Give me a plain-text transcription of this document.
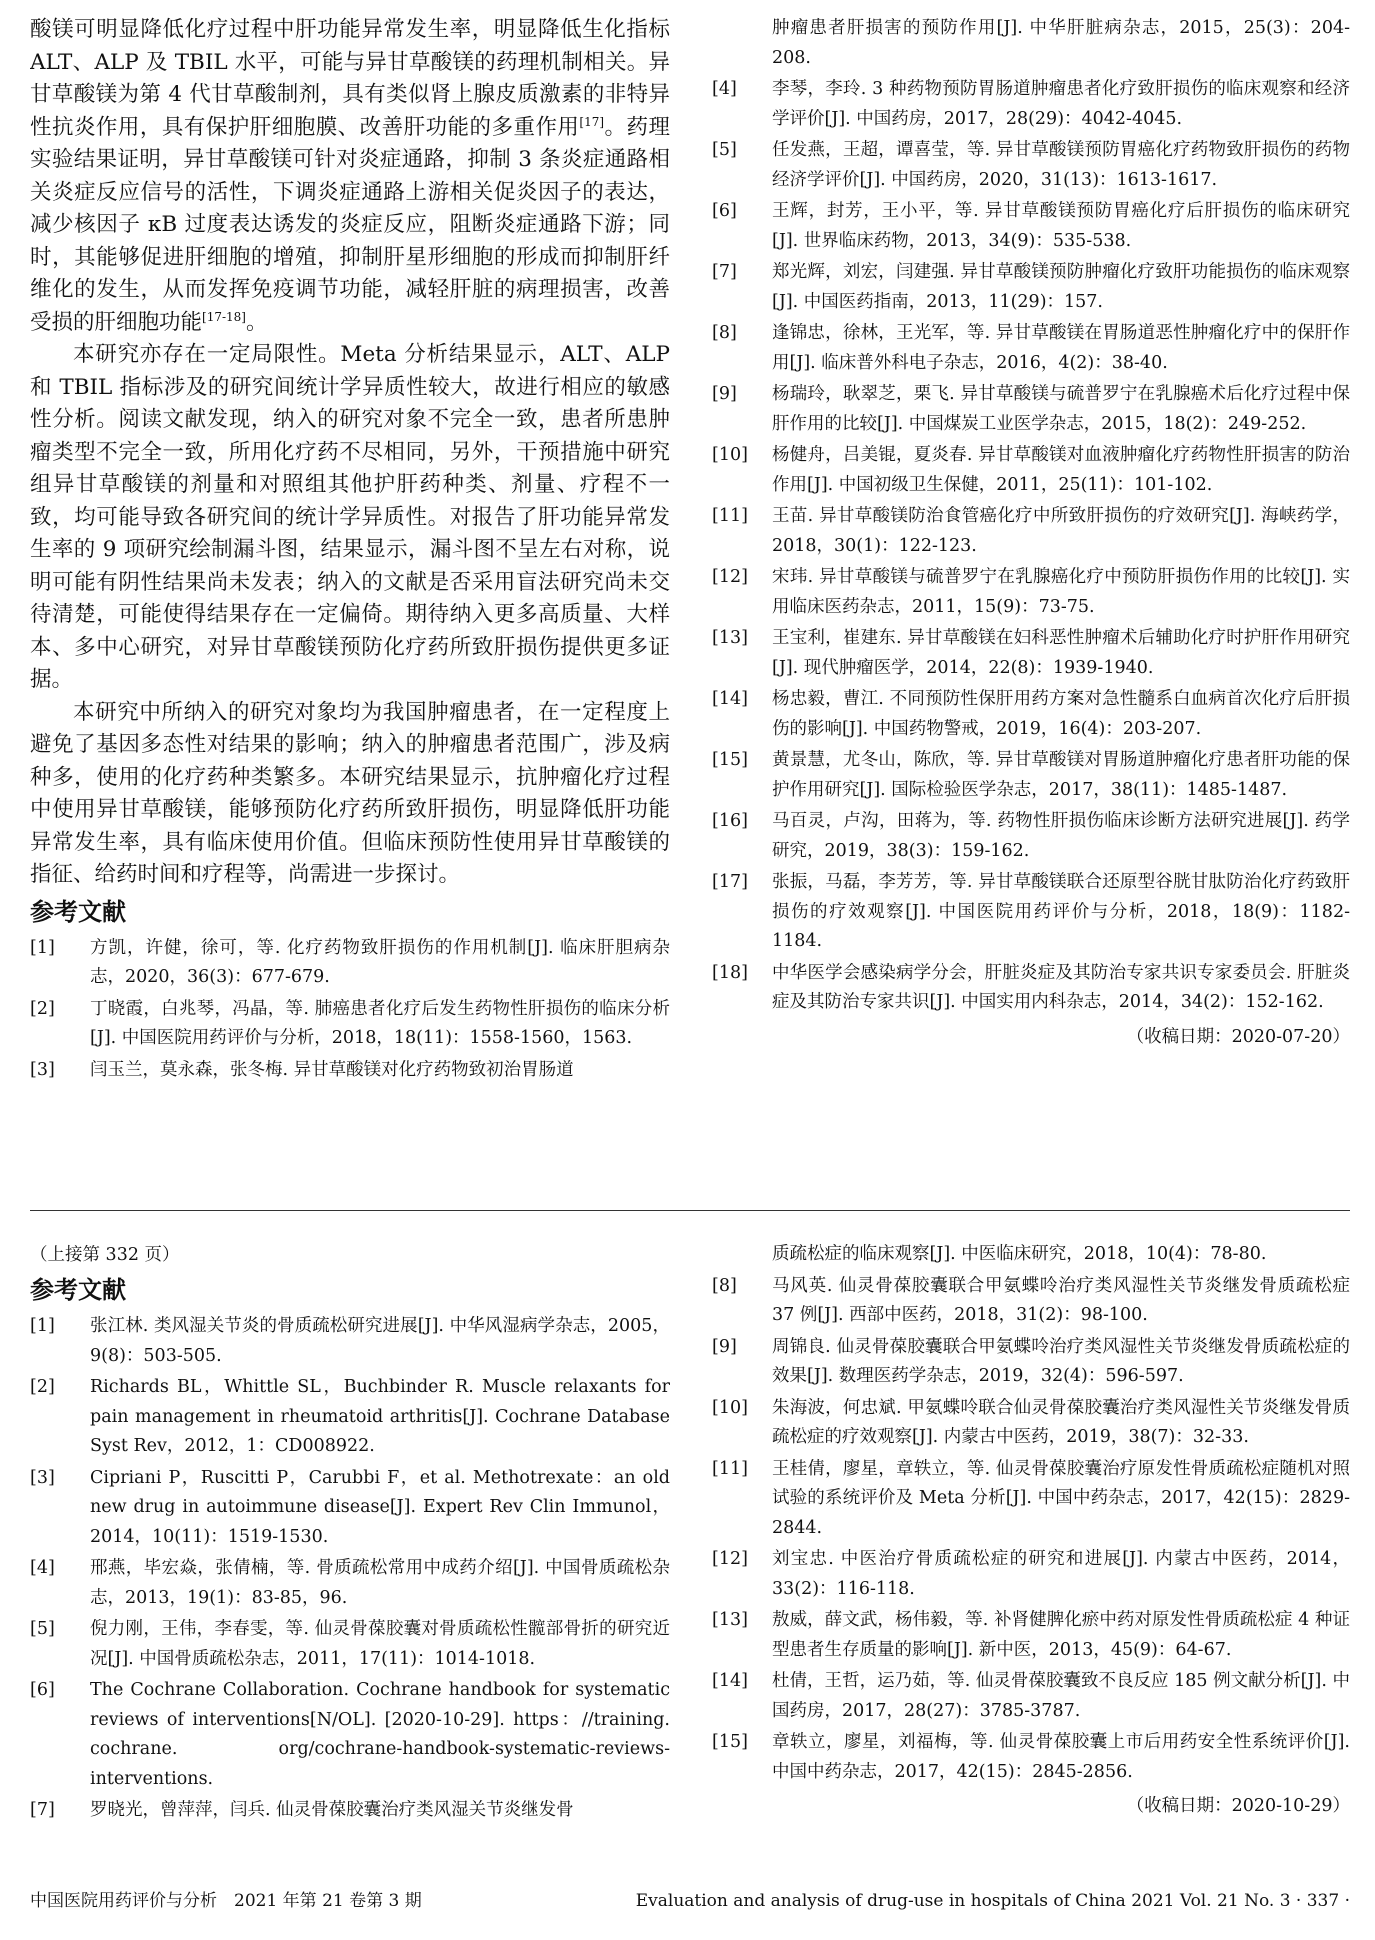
酸镁可明显降低化疗过程中肝功能异常发生率，明显降低生化指标 ALT、ALP 及 TBIL 水平，可能与异甘草酸镁的药理机制相关。异甘草酸镁为第 4 代甘草酸制剂，具有类似肾上腺皮质激素的非特异性抗炎作用，具有保护肝细胞膜、改善肝功能的多重作用[17]。药理实验结果证明，异甘草酸镁可针对炎症通路，抑制 3 条炎症通路相关炎症反应信号的活性，下调炎症通路上游相关促炎因子的表达，减少核因子 κB 过度表达诱发的炎症反应，阻断炎症通路下游；同时，其能够促进肝细胞的增殖，抑制肝星形细胞的形成而抑制肝纤维化的发生，从而发挥免疫调节功能，减轻肝脏的病理损害，改善受损的肝细胞功能[17-18]。

本研究亦存在一定局限性。Meta 分析结果显示，ALT、ALP 和 TBIL 指标涉及的研究间统计学异质性较大，故进行相应的敏感性分析。阅读文献发现，纳入的研究对象不完全一致，患者所患肿瘤类型不完全一致，所用化疗药不尽相同，另外，干预措施中研究组异甘草酸镁的剂量和对照组其他护肝药种类、剂量、疗程不一致，均可能导致各研究间的统计学异质性。对报告了肝功能异常发生率的 9 项研究绘制漏斗图，结果显示，漏斗图不呈左右对称，说明可能有阴性结果尚未发表；纳入的文献是否采用盲法研究尚未交待清楚，可能使得结果存在一定偏倚。期待纳入更多高质量、大样本、多中心研究，对异甘草酸镁预防化疗药所致肝损伤提供更多证据。

本研究中所纳入的研究对象均为我国肿瘤患者，在一定程度上避免了基因多态性对结果的影响；纳入的肿瘤患者范围广，涉及病种多，使用的化疗药种类繁多。本研究结果显示，抗肿瘤化疗过程中使用异甘草酸镁，能够预防化疗药所致肝损伤，明显降低肝功能异常发生率，具有临床使用价值。但临床预防性使用异甘草酸镁的指征、给药时间和疗程等，尚需进一步探讨。

参考文献

[1]	方凯，许健，徐可，等. 化疗药物致肝损伤的作用机制[J]. 临床肝胆病杂志，2020，36(3)：677-679.

[2]	丁晓霞，白兆琴，冯晶，等. 肺癌患者化疗后发生药物性肝损伤的临床分析[J]. 中国医院用药评价与分析，2018，18(11)：1558-1560，1563.

[3]	闫玉兰，莫永森，张冬梅. 异甘草酸镁对化疗药物致初治胃肠道

肿瘤患者肝损害的预防作用[J]. 中华肝脏病杂志，2015，25(3)：204-208.

[4]	李琴，李玲. 3 种药物预防胃肠道肿瘤患者化疗致肝损伤的临床观察和经济学评价[J]. 中国药房，2017，28(29)：4042-4045.

[5]	任发燕，王超，谭喜莹，等. 异甘草酸镁预防胃癌化疗药物致肝损伤的药物经济学评价[J]. 中国药房，2020，31(13)：1613-1617.

[6]	王辉，封芳，王小平，等. 异甘草酸镁预防胃癌化疗后肝损伤的临床研究[J]. 世界临床药物，2013，34(9)：535-538.

[7]	郑光辉，刘宏，闫建强. 异甘草酸镁预防肿瘤化疗致肝功能损伤的临床观察[J]. 中国医药指南，2013，11(29)：157.

[8]	逢锦忠，徐林，王光军，等. 异甘草酸镁在胃肠道恶性肿瘤化疗中的保肝作用[J]. 临床普外科电子杂志，2016，4(2)：38-40.

[9]	杨瑞玲，耿翠芝，栗飞. 异甘草酸镁与硫普罗宁在乳腺癌术后化疗过程中保肝作用的比较[J]. 中国煤炭工业医学杂志，2015，18(2)：249-252.

[10]	杨健舟，吕美锟，夏炎春. 异甘草酸镁对血液肿瘤化疗药物性肝损害的防治作用[J]. 中国初级卫生保健，2011，25(11)：101-102.

[11]	王苗. 异甘草酸镁防治食管癌化疗中所致肝损伤的疗效研究[J]. 海峡药学，2018，30(1)：122-123.

[12]	宋玮. 异甘草酸镁与硫普罗宁在乳腺癌化疗中预防肝损伤作用的比较[J]. 实用临床医药杂志，2011，15(9)：73-75.

[13]	王宝利，崔建东. 异甘草酸镁在妇科恶性肿瘤术后辅助化疗时护肝作用研究[J]. 现代肿瘤医学，2014，22(8)：1939-1940.

[14]	杨忠毅，曹江. 不同预防性保肝用药方案对急性髓系白血病首次化疗后肝损伤的影响[J]. 中国药物警戒，2019，16(4)：203-207.

[15]	黄景慧，尤冬山，陈欣，等. 异甘草酸镁对胃肠道肿瘤化疗患者肝功能的保护作用研究[J]. 国际检验医学杂志，2017，38(11)：1485-1487.

[16]	马百灵，卢沟，田蒋为，等. 药物性肝损伤临床诊断方法研究进展[J]. 药学研究，2019，38(3)：159-162.

[17]	张振，马磊，李芳芳，等. 异甘草酸镁联合还原型谷胱甘肽防治化疗药致肝损伤的疗效观察[J]. 中国医院用药评价与分析，2018，18(9)：1182-1184.

[18]	中华医学会感染病学分会，肝脏炎症及其防治专家共识专家委员会. 肝脏炎症及其防治专家共识[J]. 中国实用内科杂志，2014，34(2)：152-162.

（收稿日期：2020-07-20）
（上接第 332 页）
参考文献

[1]	张江林. 类风湿关节炎的骨质疏松研究进展[J]. 中华风湿病学杂志，2005，9(8)：503-505.

[2]	Richards BL，Whittle SL，Buchbinder R. Muscle relaxants for pain management in rheumatoid arthritis[J]. Cochrane Database Syst Rev，2012，1：CD008922.

[3]	Cipriani P，Ruscitti P，Carubbi F，et al. Methotrexate：an old new drug in autoimmune disease[J]. Expert Rev Clin Immunol，2014，10(11)：1519-1530.

[4]	邢燕，毕宏焱，张倩楠，等. 骨质疏松常用中成药介绍[J]. 中国骨质疏松杂志，2013，19(1)：83-85，96.

[5]	倪力刚，王伟，李春雯，等. 仙灵骨葆胶囊对骨质疏松性髋部骨折的研究近况[J]. 中国骨质疏松杂志，2011，17(11)：1014-1018.

[6]	The Cochrane Collaboration. Cochrane handbook for systematic reviews of interventions[N/OL]. [2020-10-29]. https：//training. cochrane. org/cochrane-handbook-systematic-reviews-interventions.

[7]	罗晓光，曾萍萍，闫兵. 仙灵骨葆胶囊治疗类风湿关节炎继发骨

质疏松症的临床观察[J]. 中医临床研究，2018，10(4)：78-80.

[8]	马风英. 仙灵骨葆胶囊联合甲氨蝶呤治疗类风湿性关节炎继发骨质疏松症 37 例[J]. 西部中医药，2018，31(2)：98-100.

[9]	周锦良. 仙灵骨葆胶囊联合甲氨蝶呤治疗类风湿性关节炎继发骨质疏松症的效果[J]. 数理医药学杂志，2019，32(4)：596-597.

[10]	朱海波，何忠斌. 甲氨蝶呤联合仙灵骨葆胶囊治疗类风湿性关节炎继发骨质疏松症的疗效观察[J]. 内蒙古中医药，2019，38(7)：32-33.

[11]	王桂倩，廖星，章轶立，等. 仙灵骨葆胶囊治疗原发性骨质疏松症随机对照试验的系统评价及 Meta 分析[J]. 中国中药杂志，2017，42(15)：2829-2844.

[12]	刘宝忠. 中医治疗骨质疏松症的研究和进展[J]. 内蒙古中医药，2014，33(2)：116-118.

[13]	敖威，薛文武，杨伟毅，等. 补肾健脾化瘀中药对原发性骨质疏松症 4 种证型患者生存质量的影响[J]. 新中医，2013，45(9)：64-67.

[14]	杜倩，王哲，运乃茹，等. 仙灵骨葆胶囊致不良反应 185 例文献分析[J]. 中国药房，2017，28(27)：3785-3787.

[15]	章轶立，廖星，刘福梅，等. 仙灵骨葆胶囊上市后用药安全性系统评价[J]. 中国中药杂志，2017，42(15)：2845-2856.

（收稿日期：2020-10-29）
中国医院用药评价与分析　2021 年第 21 卷第 3 期	Evaluation and analysis of drug-use in hospitals of China 2021 Vol. 21 No. 3 · 337 ·
